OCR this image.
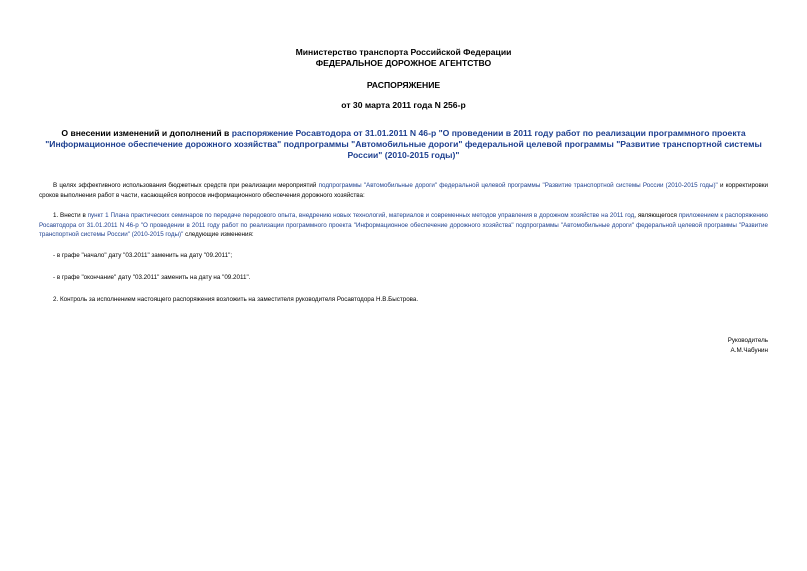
Министерство транспорта Российской Федерации
ФЕДЕРАЛЬНОЕ ДОРОЖНОЕ АГЕНТСТВО
РАСПОРЯЖЕНИЕ
от 30 марта 2011 года N 256-р
О внесении изменений и дополнений в распоряжение Росавтодора от 31.01.2011 N 46-р "О проведении в 2011 году работ по реализации программного проекта "Информационное обеспечение дорожного хозяйства" подпрограммы "Автомобильные дороги" федеральной целевой программы "Развитие транспортной системы России" (2010-2015 годы)"
В целях эффективного использования бюджетных средств при реализации мероприятий подпрограммы "Автомобильные дороги" федеральной целевой программы "Развитие транспортной системы России (2010-2015 годы)" и корректировки сроков выполнения работ в части, касающейся вопросов информационного обеспечения дорожного хозяйства:
1. Внести в пункт 1 Плана практических семинаров по передаче передового опыта, внедрению новых технологий, материалов и современных методов управления в дорожном хозяйстве на 2011 год, являющегося приложением к распоряжению Росавтодора от 31.01.2011 N 46-р "О проведении в 2011 году работ по реализации программного проекта "Информационное обеспечение дорожного хозяйства" подпрограммы "Автомобильные дороги" федеральной целевой программы "Развитие транспортной системы России" (2010-2015 годы)" следующие изменения:
- в графе "начало" дату "03.2011" заменить на дату "09.2011";
- в графе "окончание" дату "03.2011" заменить на дату на "09.2011".
2. Контроль за исполнением настоящего распоряжения возложить на заместителя руководителя Росавтодора Н.В.Быстрова.
Руководитель
А.М.Чабунин
